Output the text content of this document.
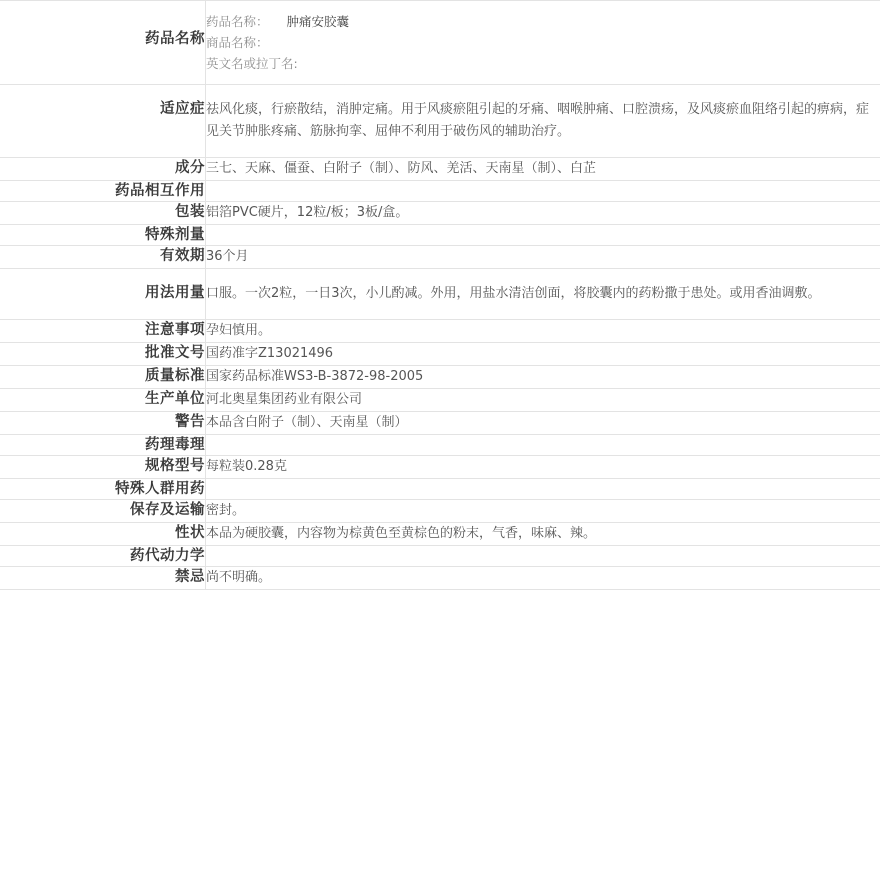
药品名称	药品名称： 肿痛安胶囊
商品名称：
英文名或拉丁名:

适应症	祛风化痰，行瘀散结，消肿定痛。用于风痰瘀阻引起的牙痛、咽喉肿痛、口腔溃疡，及风痰瘀血阻络引起的痹病，症见关节肿胀疼痛、筋脉拘挛、屈伸不利用于破伤风的辅助治疗。
成分	三七、天麻、僵蚕、白附子（制）、防风、羌活、天南星（制）、白芷
药品相互作用	

包装	铝箔PVC硬片，12粒/板；3板/盒。
特殊剂量	

有效期	36个月
用法用量	口服。一次2粒，一日3次，小儿酌减。外用，用盐水清洁创面，将胶囊内的药粉撒于患处。或用香油调敷。
注意事项	孕妇慎用。
批准文号	国药准字Z13021496
质量标准	国家药品标准WS3-B-3872-98-2005
生产单位	河北奥星集团药业有限公司
警告	本品含白附子（制）、天南星（制）
药理毒理	

规格型号	每粒装0.28克
特殊人群用药	

保存及运输	密封。
性状	本品为硬胶囊，内容物为棕黄色至黄棕色的粉末，气香，味麻、辣。
药代动力学	

禁忌	尚不明确。
